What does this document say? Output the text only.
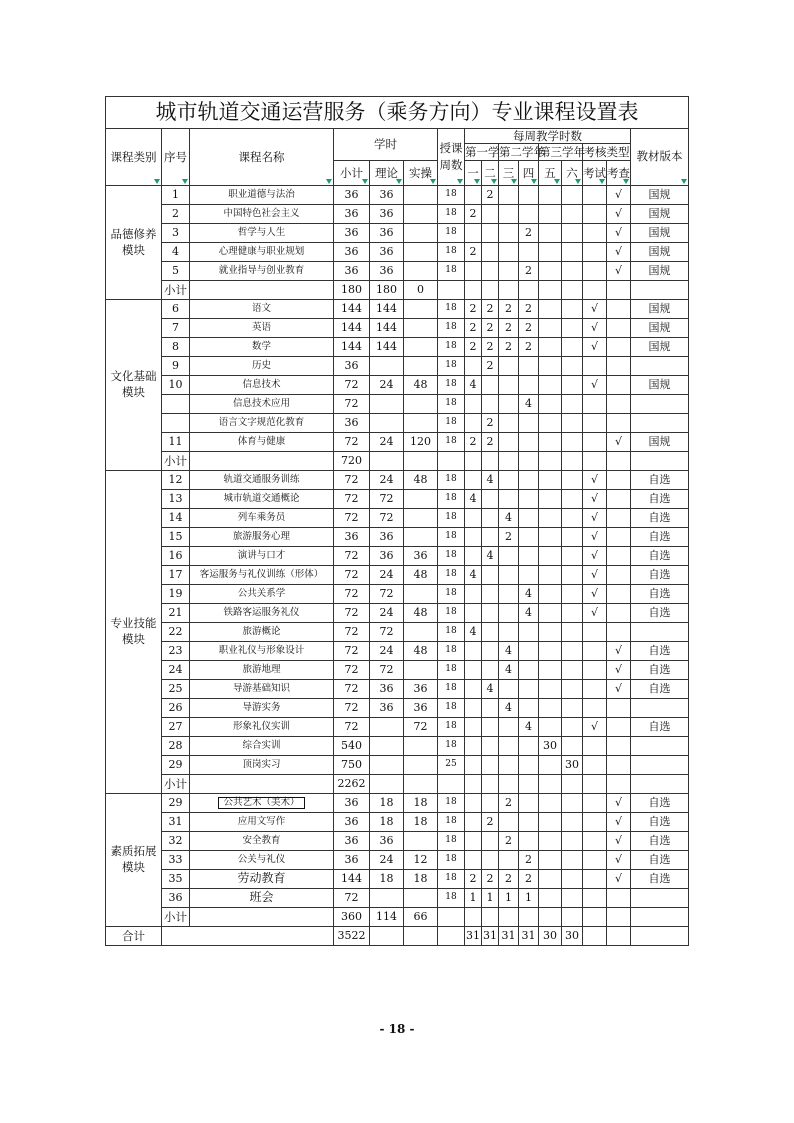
城市轨道交通运营服务（乘务方向）专业课程设置表															
课程类别	序号	课程名称	学时			授课周数	每周教学时数								教材版本

							第一学		第二学年		第三学年		考核类型		
			小计	理论	实操		一	二	三	四	五	六	考试	考查	

品德修养模块	1	职业道德与法治	36	36		18		2						√	国规
	2	中国特色社会主义	36	36		18	2							√	国规
	3	哲学与人生	36	36		18				2				√	国规
	4	心理健康与职业规划	36	36		18	2							√	国规
	5	就业指导与创业教育	36	36		18				2				√	国规
	小计		180	180	0										
文化基础模块	6	语文	144	144		18	2	2	2	2			√		国规
	7	英语	144	144		18	2	2	2	2			√		国规
	8	数学	144	144		18	2	2	2	2			√		国规
	9	历史	36			18		2							
	10	信息技术	72	24	48	18	4						√		国规
		信息技术应用	72			18				4					
		语言文字规范化教育	36			18		2							
	11	体育与健康	72	24	120	18	2	2						√	国规
	小计		720												
专业技能模块	12	轨道交通服务训练	72	24	48	18		4					√		自选
	13	城市轨道交通概论	72	72		18	4						√		自选
	14	列车乘务员	72	72		18			4				√		自选
	15	旅游服务心理	36	36		18			2				√		自选
	16	演讲与口才	72	36	36	18		4					√		自选
	17	客运服务与礼仪训练（形体）	72	24	48	18	4						√		自选
	19	公共关系学	72	72		18				4			√		自选
	21	铁路客运服务礼仪	72	24	48	18				4			√		自选
	22	旅游概论	72	72		18	4								
	23	职业礼仪与形象设计	72	24	48	18			4					√	自选
	24	旅游地理	72	72		18			4					√	自选
	25	导游基础知识	72	36	36	18		4						√	自选
	26	导游实务	72	36	36	18			4						
	27	形象礼仪实训	72		72	18				4			√		自选
	28	综合实训	540			18					30				
	29	顶岗实习	750			25						30			
	小计		2262												
素质拓展模块	29	公共艺术（美术）	36	18	18	18			2					√	自选
	31	应用文写作	36	18	18	18		2						√	自选
	32	安全教育	36	36		18			2					√	自选
	33	公关与礼仪	36	24	12	18				2				√	自选
	35	劳动教育	144	18	18	18	2	2	2	2				√	自选
	36	班会	72			18	1	1	1	1					
	小计		360	114	66										
合计			3522				31	31	31	31	30	30			
- 18 -
